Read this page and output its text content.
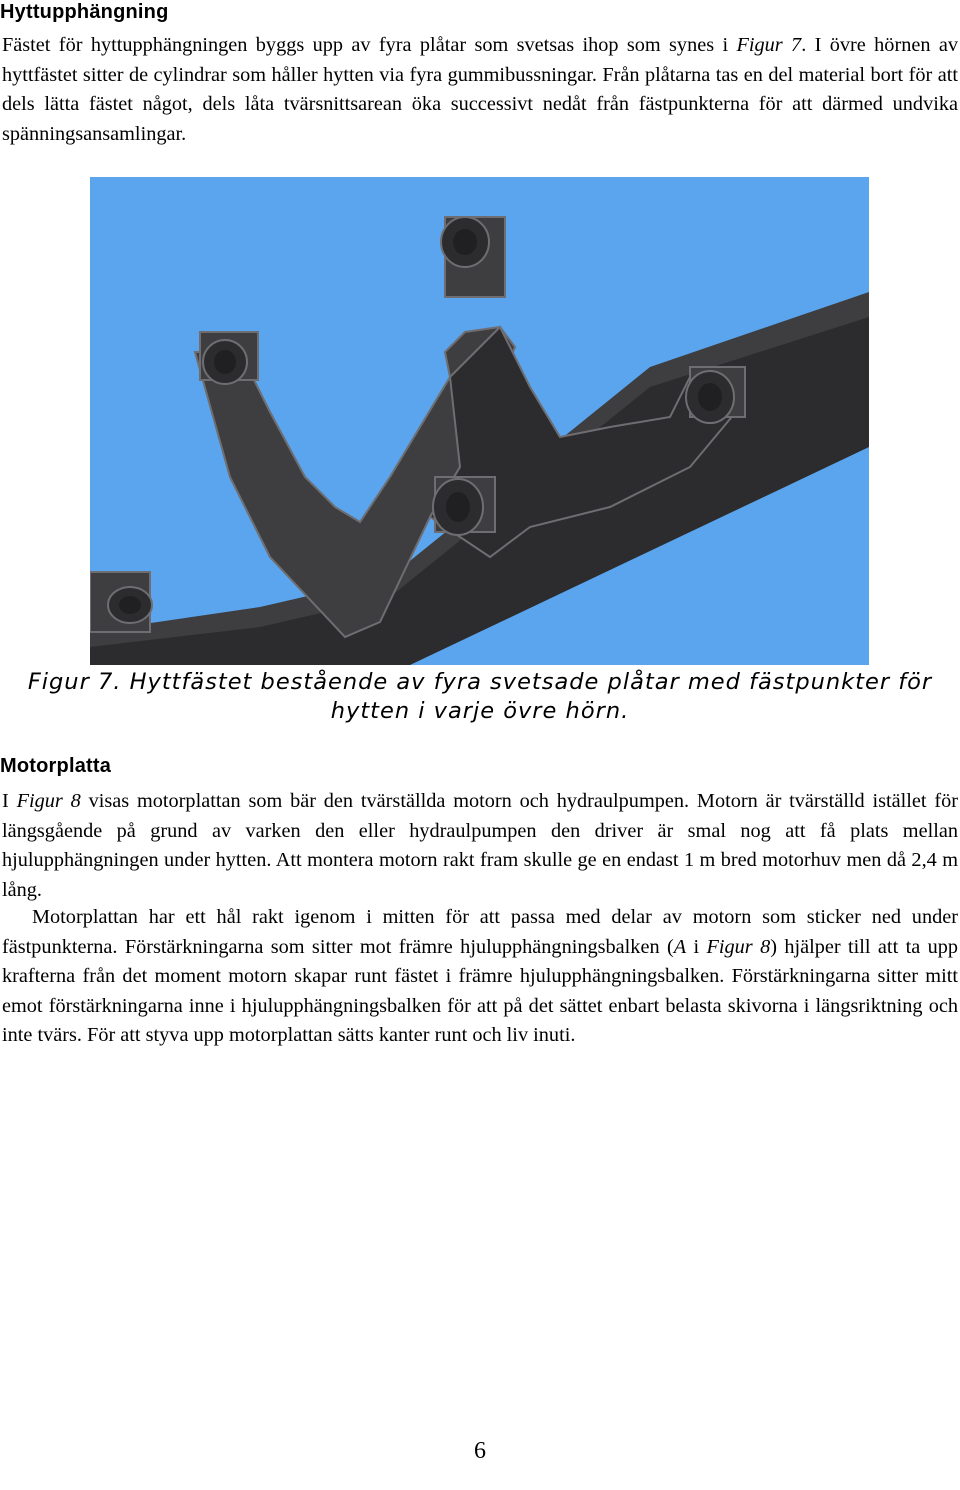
Hyttupphängning

Fästet för hyttupphängningen byggs upp av fyra plåtar som svetsas ihop som synes i Figur 7. I övre hörnen av hyttfästet sitter de cylindrar som håller hytten via fyra gummibussningar. Från plåtarna tas en del material bort för att dels lätta fästet något, dels låta tvärsnittsarean öka successivt nedåt från fästpunkterna för att därmed undvika spänningsansamlingar.

Figur 7. Hyttfästet bestående av fyra svetsade plåtar med fästpunkter för
hytten i varje övre hörn.
Motorplatta

I Figur 8 visas motorplattan som bär den tvärställda motorn och hydraulpumpen. Motorn är tvärställd istället för längsgående på grund av varken den eller hydraulpumpen den driver är smal nog att få plats mellan hjulupphängningen under hytten. Att montera motorn rakt fram skulle ge en endast 1 m bred motorhuv men då 2,4 m lång.

Motorplattan har ett hål rakt igenom i mitten för att passa med delar av motorn som sticker ned under fästpunkterna. Förstärkningarna som sitter mot främre hjulupphängningsbalken (A i Figur 8) hjälper till att ta upp krafterna från det moment motorn skapar runt fästet i främre hjulupphängningsbalken. Förstärkningarna sitter mitt emot förstärkningarna inne i hjulupphängningsbalken för att på det sättet enbart belasta skivorna i längsriktning och inte tvärs. För att styva upp motorplattan sätts kanter runt och liv inuti.

6
